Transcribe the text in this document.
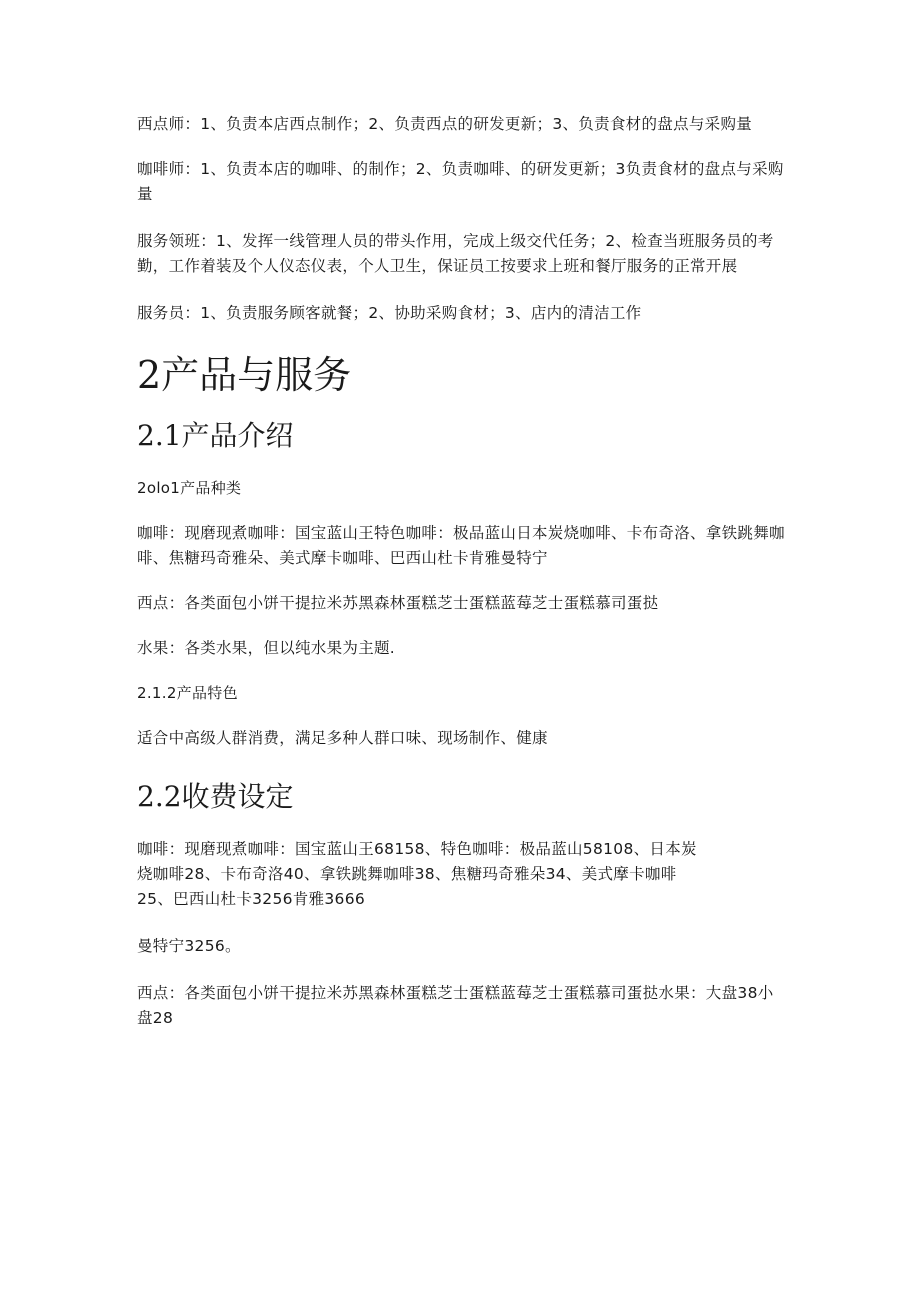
西点师：1、负责本店西点制作；2、负责西点的研发更新；3、负责食材的盘点与采购量

咖啡师：1、负责本店的咖啡、的制作；2、负责咖啡、的研发更新；3负责食材的盘点与采购量

服务领班：1、发挥一线管理人员的带头作用，完成上级交代任务；2、检查当班服务员的考勤，工作着装及个人仪态仪表，个人卫生，保证员工按要求上班和餐厅服务的正常开展

服务员：1、负责服务顾客就餐；2、协助采购食材；3、店内的清洁工作

2产品与服务
2.1产品介绍

2olo1产品种类

咖啡：现磨现煮咖啡：国宝蓝山王特色咖啡：极品蓝山日本炭烧咖啡、卡布奇洛、拿铁跳舞咖啡、焦糖玛奇雅朵、美式摩卡咖啡、巴西山杜卡肯雅曼特宁

西点：各类面包小饼干提拉米苏黑森林蛋糕芝士蛋糕蓝莓芝士蛋糕慕司蛋挞

水果：各类水果，但以纯水果为主题.

2.1.2产品特色

适合中高级人群消费，满足多种人群口味、现场制作、健康

2.2收费设定

咖啡：现磨现煮咖啡：国宝蓝山王68158、特色咖啡：极品蓝山58108、日本炭

烧咖啡28、卡布奇洛40、拿铁跳舞咖啡38、焦糖玛奇雅朵34、美式摩卡咖啡

25、巴西山杜卡3256肯雅3666

曼特宁3256。

西点：各类面包小饼干提拉米苏黑森林蛋糕芝士蛋糕蓝莓芝士蛋糕慕司蛋挞水果：大盘38小盘28
